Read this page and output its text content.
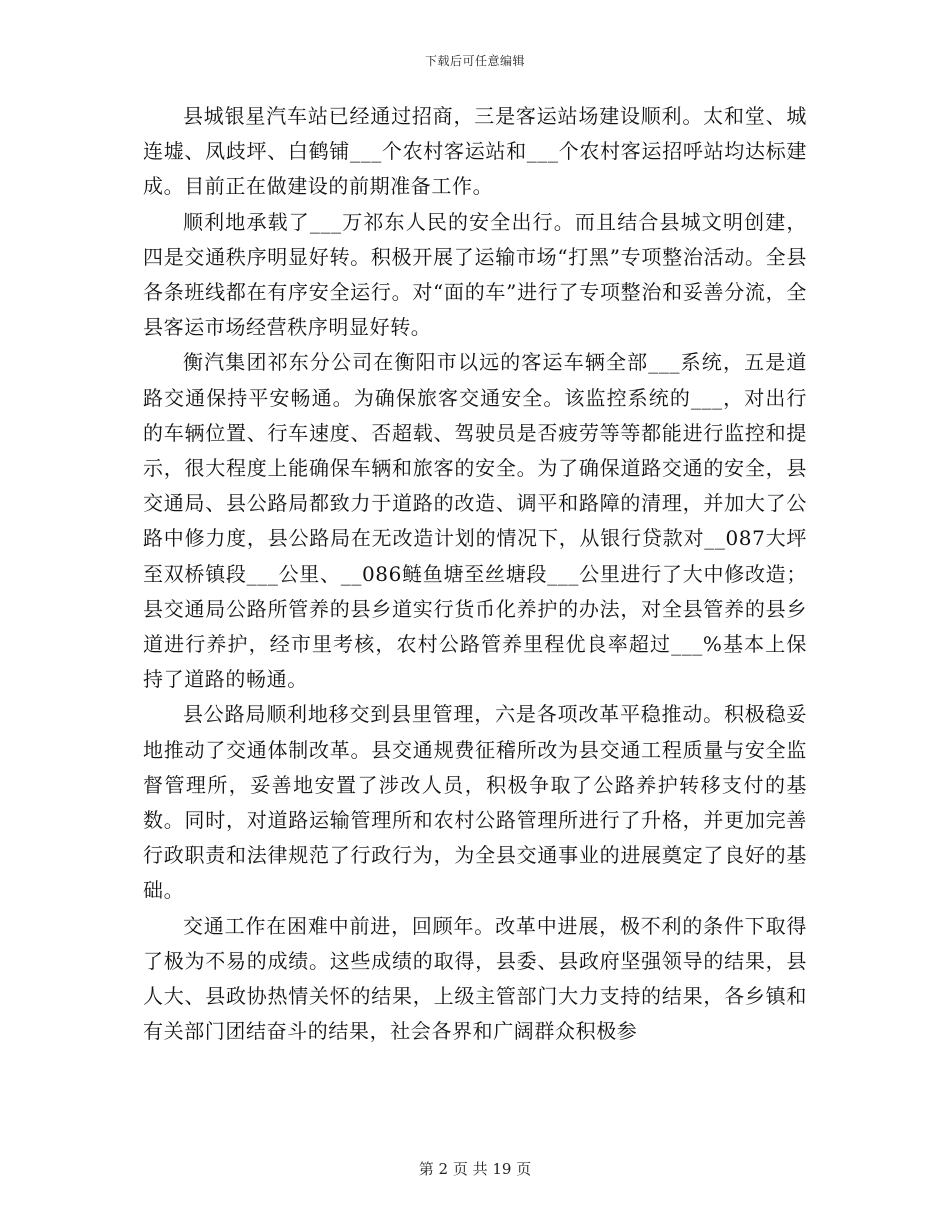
下载后可任意编辑

县城银星汽车站已经通过招商，三是客运站场建设顺利。太和堂、城连墟、凤歧坪、白鹤铺___个农村客运站和___个农村客运招呼站均达标建成。目前正在做建设的前期准备工作。

顺利地承载了___万祁东人民的安全出行。而且结合县城文明创建，四是交通秩序明显好转。积极开展了运输市场“打黑”专项整治活动。全县各条班线都在有序安全运行。对“面的车”进行了专项整治和妥善分流，全县客运市场经营秩序明显好转。

衡汽集团祁东分公司在衡阳市以远的客运车辆全部___系统，五是道路交通保持平安畅通。为确保旅客交通安全。该监控系统的___，对出行的车辆位置、行车速度、否超载、驾驶员是否疲劳等等都能进行监控和提示，很大程度上能确保车辆和旅客的安全。为了确保道路交通的安全，县交通局、县公路局都致力于道路的改造、调平和路障的清理，并加大了公路中修力度，县公路局在无改造计划的情况下，从银行贷款对__087大坪至双桥镇段___公里、__086鲢鱼塘至丝塘段___公里进行了大中修改造；县交通局公路所管养的县乡道实行货币化养护的办法，对全县管养的县乡道进行养护，经市里考核，农村公路管养里程优良率超过___%基本上保持了道路的畅通。

县公路局顺利地移交到县里管理，六是各项改革平稳推动。积极稳妥地推动了交通体制改革。县交通规费征稽所改为县交通工程质量与安全监督管理所，妥善地安置了涉改人员，积极争取了公路养护转移支付的基数。同时，对道路运输管理所和农村公路管理所进行了升格，并更加完善行政职责和法律规范了行政行为，为全县交通事业的进展奠定了良好的基础。

交通工作在困难中前进，回顾年。改革中进展，极不利的条件下取得了极为不易的成绩。这些成绩的取得，县委、县政府坚强领导的结果，县人大、县政协热情关怀的结果，上级主管部门大力支持的结果，各乡镇和有关部门团结奋斗的结果，社会各界和广阔群众积极参

第 2 页 共 19 页
